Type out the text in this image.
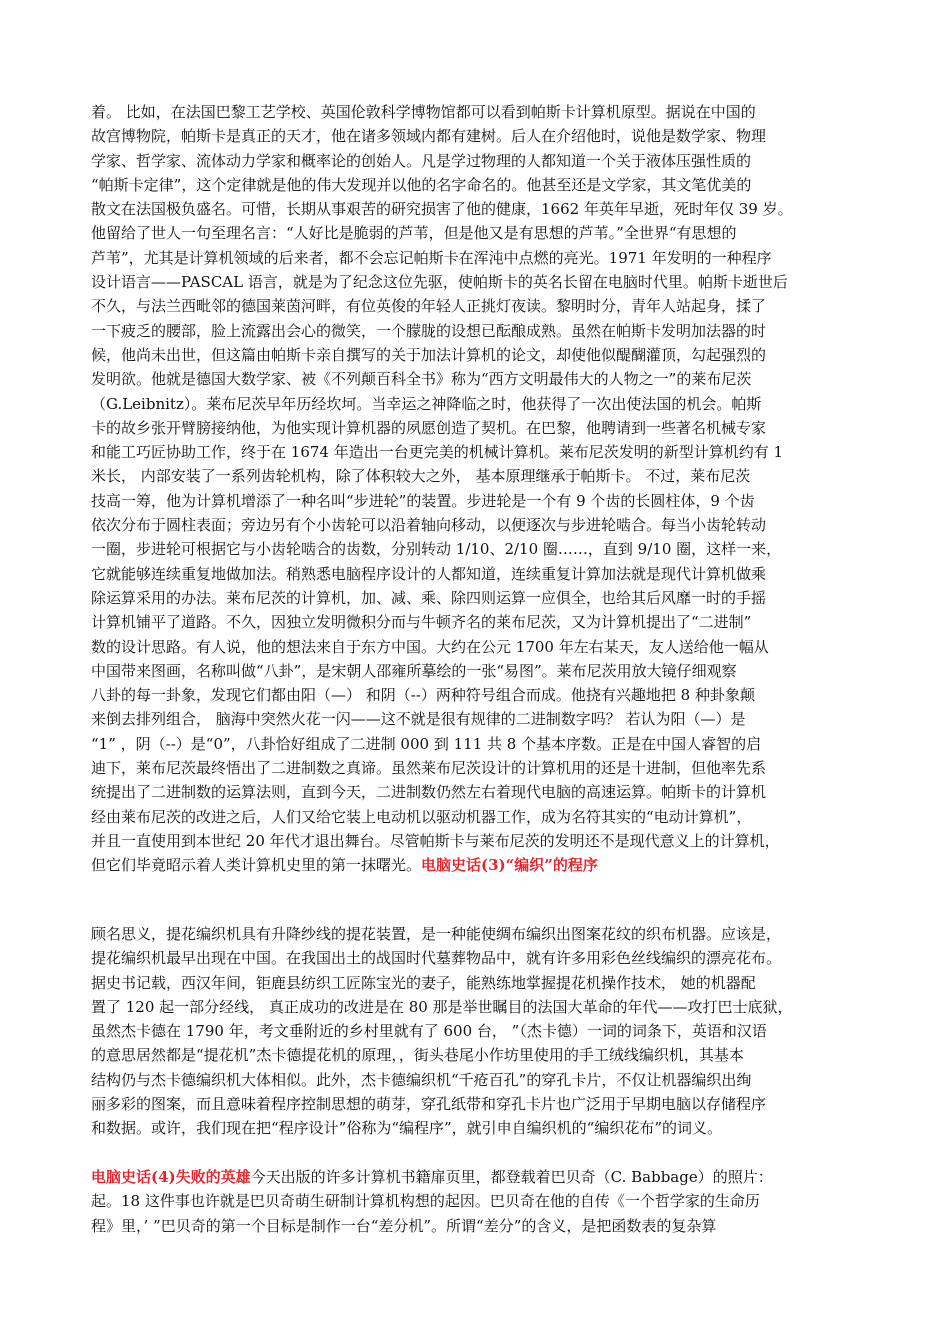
着。 比如，在法国巴黎工艺学校、英国伦敦科学博物馆都可以看到帕斯卡计算机原型。据说在中国的
故宫博物院，帕斯卡是真正的天才，他在诸多领域内都有建树。后人在介绍他时，说他是数学家、物理
学家、哲学家、流体动力学家和概率论的创始人。凡是学过物理的人都知道一个关于液体压强性质的
“帕斯卡定律”，这个定律就是他的伟大发现并以他的名字命名的。他甚至还是文学家，其文笔优美的
散文在法国极负盛名。可惜，长期从事艰苦的研究损害了他的健康，1662 年英年早逝，死时年仅 39 岁。
他留给了世人一句至理名言：“人好比是脆弱的芦苇，但是他又是有思想的芦苇。”全世界“有思想的
芦苇”，尤其是计算机领域的后来者，都不会忘记帕斯卡在浑沌中点燃的亮光。1971 年发明的一种程序
设计语言——PASCAL 语言，就是为了纪念这位先驱，使帕斯卡的英名长留在电脑时代里。帕斯卡逝世后
不久，与法兰西毗邻的德国莱茵河畔，有位英俊的年轻人正挑灯夜读。黎明时分，青年人站起身，揉了
一下疲乏的腰部，脸上流露出会心的微笑，一个朦胧的设想已酝酿成熟。虽然在帕斯卡发明加法器的时
候，他尚未出世，但这篇由帕斯卡亲自撰写的关于加法计算机的论文，却使他似醍醐灌顶，勾起强烈的
发明欲。他就是德国大数学家、被《不列颠百科全书》称为“西方文明最伟大的人物之一”的莱布尼茨
（G.Leibnitz）。莱布尼茨早年历经坎坷。当幸运之神降临之时，他获得了一次出使法国的机会。帕斯
卡的故乡张开臂膀接纳他，为他实现计算机器的夙愿创造了契机。在巴黎，他聘请到一些著名机械专家
和能工巧匠协助工作，终于在 1674 年造出一台更完美的机械计算机。莱布尼茨发明的新型计算机约有 1
米长， 内部安装了一系列齿轮机构，除了体积较大之外， 基本原理继承于帕斯卡。 不过，莱布尼茨
技高一筹，他为计算机增添了一种名叫“步进轮”的装置。步进轮是一个有 9 个齿的长圆柱体，9 个齿
依次分布于圆柱表面；旁边另有个小齿轮可以沿着轴向移动，以便逐次与步进轮啮合。每当小齿轮转动
一圈，步进轮可根据它与小齿轮啮合的齿数，分别转动 1/10、2/10 圈……，直到 9/10 圈，这样一来，
它就能够连续重复地做加法。稍熟悉电脑程序设计的人都知道，连续重复计算加法就是现代计算机做乘
除运算采用的办法。莱布尼茨的计算机，加、减、乘、除四则运算一应俱全，也给其后风靡一时的手摇
计算机铺平了道路。不久，因独立发明微积分而与牛顿齐名的莱布尼茨，又为计算机提出了“二进制”
数的设计思路。有人说，他的想法来自于东方中国。大约在公元 1700 年左右某天，友人送给他一幅从
中国带来图画，名称叫做“八卦”，是宋朝人邵雍所摹绘的一张“易图”。莱布尼茨用放大镜仔细观察
八卦的每一卦象，发现它们都由阳（—） 和阴（--）两种符号组合而成。他挠有兴趣地把 8 种卦象颠
来倒去排列组合， 脑海中突然火花一闪——这不就是很有规律的二进制数字吗？ 若认为阳（—）是
“1” ，阴（--）是“0”，八卦恰好组成了二进制 000 到 111 共 8 个基本序数。正是在中国人睿智的启
迪下，莱布尼茨最终悟出了二进制数之真谛。虽然莱布尼茨设计的计算机用的还是十进制，但他率先系
统提出了二进制数的运算法则，直到今天，二进制数仍然左右着现代电脑的高速运算。帕斯卡的计算机
经由莱布尼茨的改进之后，人们又给它装上电动机以驱动机器工作，成为名符其实的“电动计算机”，
并且一直使用到本世纪 20 年代才退出舞台。尽管帕斯卡与莱布尼茨的发明还不是现代意义上的计算机，
但它们毕竟昭示着人类计算机史里的第一抹曙光。电脑史话(3)“编织”的程序
顾名思义，提花编织机具有升降纱线的提花装置，是一种能使绸布编织出图案花纹的织布机器。应该是，
提花编织机最早出现在中国。在我国出土的战国时代墓葬物品中，就有许多用彩色丝线编织的漂亮花布。
据史书记载，西汉年间，钜鹿县纺织工匠陈宝光的妻子，能熟练地掌握提花机操作技术， 她的机器配
置了 120 起一部分经线， 真正成功的改进是在 80 那是举世瞩目的法国大革命的年代——攻打巴士底狱，
虽然杰卡德在 1790 年，考文垂附近的乡村里就有了 600 台， ”（杰卡德）一词的词条下，英语和汉语
的意思居然都是“提花机”杰卡德提花机的原理，，街头巷尾小作坊里使用的手工绒线编织机，其基本
结构仍与杰卡德编织机大体相似。此外，杰卡德编织机“千疮百孔”的穿孔卡片，不仅让机器编织出绚
丽多彩的图案，而且意味着程序控制思想的萌芽，穿孔纸带和穿孔卡片也广泛用于早期电脑以存储程序
和数据。或许，我们现在把“程序设计”俗称为“编程序”，就引申自编织机的“编织花布”的词义。
电脑史话(4)失败的英雄今天出版的许多计算机书籍扉页里，都登载着巴贝奇（C. Babbage）的照片：
起。18 这件事也许就是巴贝奇萌生研制计算机构想的起因。巴贝奇在他的自传《一个哲学家的生命历
程》里，’ ”巴贝奇的第一个目标是制作一台“差分机”。所谓“差分”的含义，是把函数表的复杂算
